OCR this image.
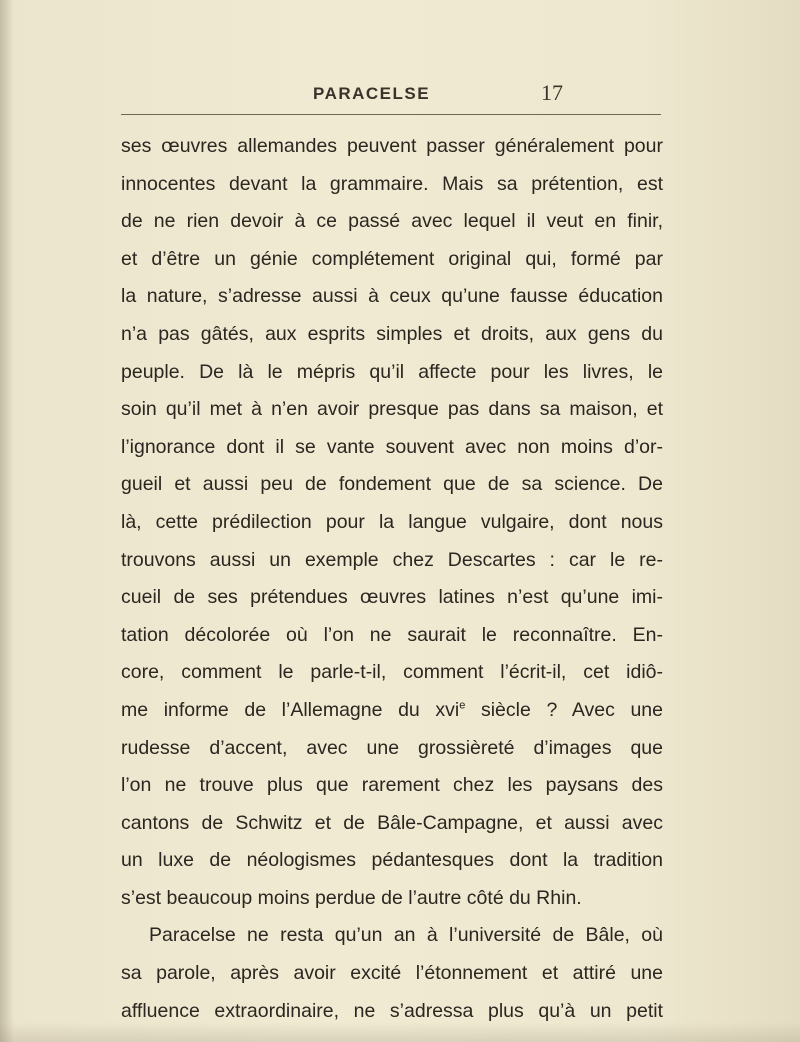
PARACELSE	17
ses œuvres allemandes peuvent passer généralement pour
innocentes devant la grammaire. Mais sa prétention, est
de ne rien devoir à ce passé avec lequel il veut en finir,
et d’être un génie complétement original qui, formé par
la nature, s’adresse aussi à ceux qu’une fausse éducation
n’a pas gâtés, aux esprits simples et droits, aux gens du
peuple. De là le mépris qu’il affecte pour les livres, le
soin qu’il met à n’en avoir presque pas dans sa maison, et
l’ignorance dont il se vante souvent avec non moins d’or-
gueil et aussi peu de fondement que de sa science. De
là, cette prédilection pour la langue vulgaire, dont nous
trouvons aussi un exemple chez Descartes : car le re-
cueil de ses prétendues œuvres latines n’est qu’une imi-
tation décolorée où l’on ne saurait le reconnaître. En-
core, comment le parle-t-il, comment l’écrit-il, cet idiô-
me informe de l’Allemagne du xvi$^e$ siècle ? Avec une
rudesse d’accent, avec une grossièreté d’images que
l’on ne trouve plus que rarement chez les paysans des
cantons de Schwitz et de Bâle-Campagne, et aussi avec
un luxe de néologismes pédantesques dont la tradition
s’est beaucoup moins perdue de l’autre côté du Rhin.
Paracelse ne resta qu’un an à l’université de Bâle, où
sa parole, après avoir excité l’étonnement et attiré une
affluence extraordinaire, ne s’adressa plus qu’à un petit
